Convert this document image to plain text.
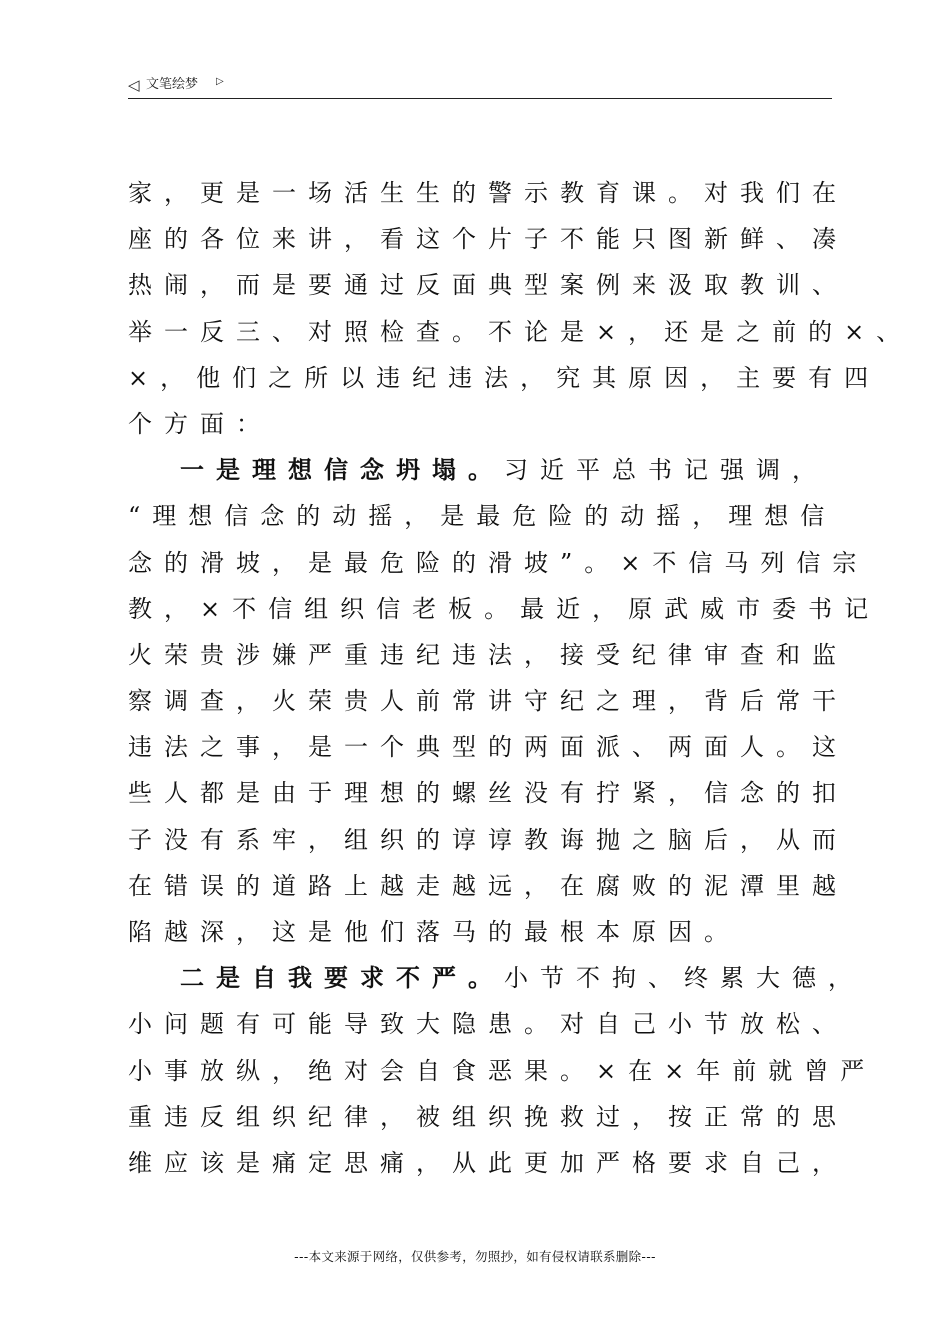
◁ 文笔绘梦 ▷
家，更是一场活生生的警示教育课。对我们在
座的各位来讲，看这个片子不能只图新鲜、凑
热闹，而是要通过反面典型案例来汲取教训、
举一反三、对照检查。不论是×，还是之前的×、
×，他们之所以违纪违法，究其原因，主要有四
个方面：
一是理想信念坍塌。习近平总书记强调，
“理想信念的动摇，是最危险的动摇，理想信
念的滑坡，是最危险的滑坡”。×不信马列信宗
教，×不信组织信老板。最近，原武威市委书记
火荣贵涉嫌严重违纪违法，接受纪律审查和监
察调查，火荣贵人前常讲守纪之理，背后常干
违法之事，是一个典型的两面派、两面人。这
些人都是由于理想的螺丝没有拧紧，信念的扣
子没有系牢，组织的谆谆教诲抛之脑后，从而
在错误的道路上越走越远，在腐败的泥潭里越
陷越深，这是他们落马的最根本原因。
二是自我要求不严。小节不拘、终累大德，
小问题有可能导致大隐患。对自己小节放松、
小事放纵，绝对会自食恶果。×在×年前就曾严
重违反组织纪律，被组织挽救过，按正常的思
维应该是痛定思痛，从此更加严格要求自己，
---本文来源于网络，仅供参考，勿照抄，如有侵权请联系删除---
